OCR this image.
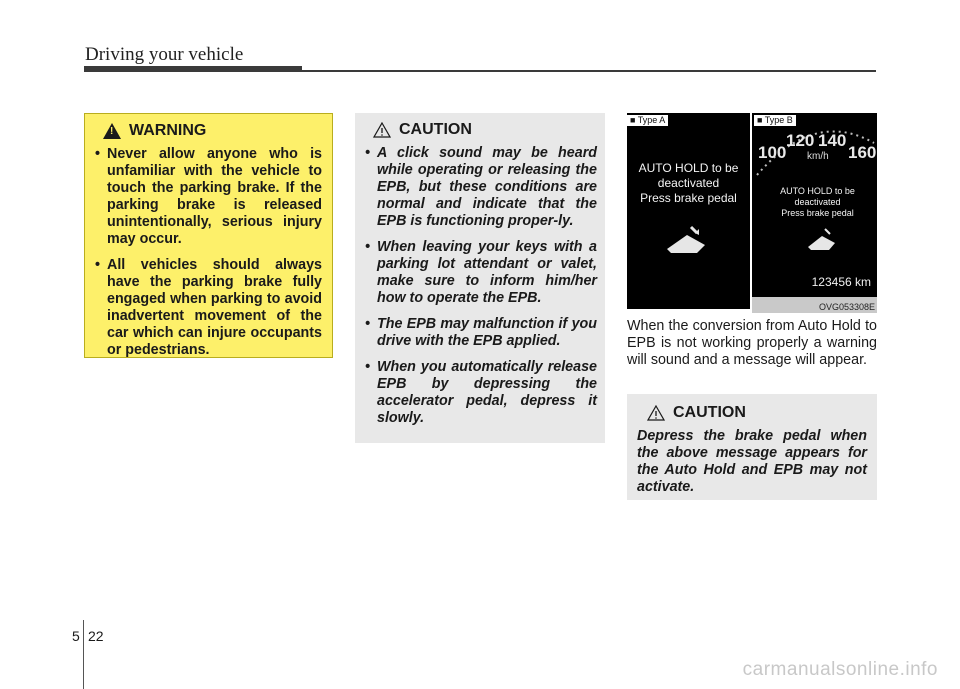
Driving your vehicle
!
WARNING
• Never allow anyone who is unfamiliar with the vehicle to touch the parking brake. If the parking brake is released unintentionally, serious injury may occur.
• All vehicles should always have the parking brake fully engaged when parking to avoid inadvertent movement of the car which can injure occupants or pedestrians.
CAUTION
• A click sound may be heard while operating or releasing the EPB, but these conditions are normal and indicate that the EPB is functioning proper-ly.
• When leaving your keys with a parking lot attendant or valet, make sure to inform him/her how to operate the EPB.
• The EPB may malfunction if you drive with the EPB applied.
• When you automatically release EPB by depressing the accelerator pedal, depress it slowly.
■ Type A
AUTO HOLD to be
deactivated
Press brake pedal
■ Type B
100
120 140
160
km/h
AUTO HOLD to be
deactivated
Press brake pedal
123456 km
OVG053308E

When the conversion from Auto Hold to EPB is not working properly a warning will sound and a message will appear.

CAUTION

Depress the brake pedal when the above message appears for the Auto Hold and EPB may not activate.

5 22
carmanualsonline.info
